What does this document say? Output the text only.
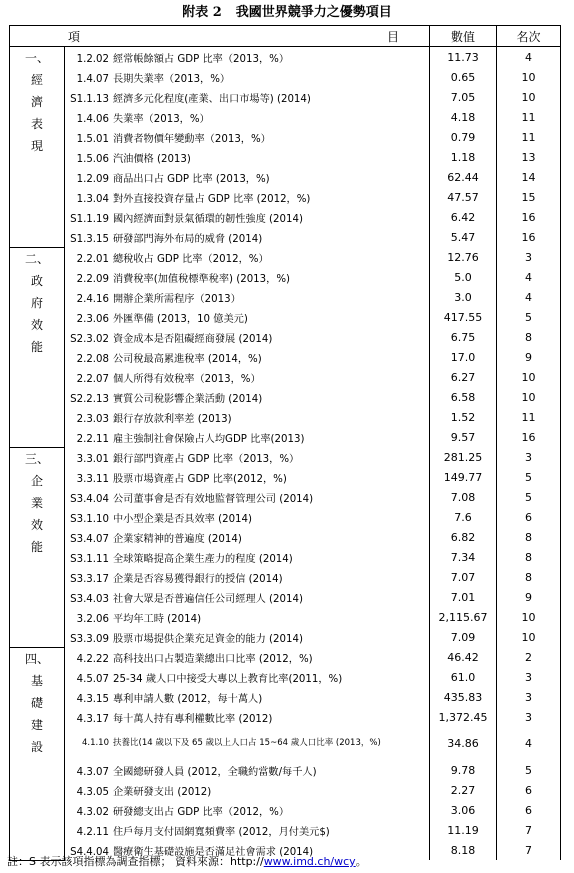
附表 2 我國世界競爭力之優勢項目
項 目		數值	名次

一、
經
濟
表
現	1.2.02 經常帳餘額占 GDP 比率（2013，%）	11.73	4
	1.4.07 長期失業率（2013，%）	0.65	10
	S1.1.13 經濟多元化程度(產業、出口市場等) (2014)	7.05	10
	1.4.06 失業率（2013，%）	4.18	11
	1.5.01 消費者物價年變動率（2013，%）	0.79	11
	1.5.06 汽油價格 (2013)	1.18	13
	1.2.09 商品出口占 GDP 比率 (2013，%)	62.44	14
	1.3.04 對外直接投資存量占 GDP 比率 (2012，%)	47.57	15
	S1.1.19 國內經濟面對景氣循環的韌性強度 (2014)	6.42	16
	S1.3.15 研發部門海外布局的威脅 (2014)	5.47	16

二、
政
府
效
能	2.2.01 總稅收占 GDP 比率（2012，%）	12.76	3
	2.2.09 消費稅率(加值稅標準稅率) (2013，%)	5.0	4
	2.4.16 開辦企業所需程序（2013）	3.0	4
	2.3.06 外匯準備 (2013，10 億美元)	417.55	5
	S2.3.02 資金成本是否阻礙經商發展 (2014)	6.75	8
	2.2.08 公司稅最高累進稅率 (2014，%)	17.0	9
	2.2.07 個人所得有效稅率（2013，%）	6.27	10
	S2.2.13 實質公司稅影響企業活動 (2014)	6.58	10
	2.3.03 銀行存放款利率差 (2013)	1.52	11
	2.2.11 雇主強制社會保險占人均GDP 比率(2013)	9.57	16

三、
企
業
效
能	3.3.01 銀行部門資產占 GDP 比率（2013，%）	281.25	3
	3.3.11 股票市場資產占 GDP 比率(2012，%)	149.77	5
	S3.4.04 公司董事會是否有效地監督管理公司 (2014)	7.08	5
	S3.1.10 中小型企業是否具效率 (2014)	7.6	6
	S3.4.07 企業家精神的普遍度 (2014)	6.82	8
	S3.1.11 全球策略提高企業生產力的程度 (2014)	7.34	8
	S3.3.17 企業是否容易獲得銀行的授信 (2014)	7.07	8
	S3.4.03 社會大眾是否普遍信任公司經理人 (2014)	7.01	9
	3.2.06 平均年工時 (2014)	2,115.67	10
	S3.3.09 股票市場提供企業充足資金的能力 (2014)	7.09	10

四、
基
礎
建
設	4.2.22 高科技出口占製造業總出口比率 (2012，%)	46.42	2
	4.5.07 25-34 歲人口中接受大專以上教育比率(2011，%)	61.0	3
	4.3.15 專利申請人數 (2012，每十萬人)	435.83	3
	4.3.17 每十萬人持有專利權數比率 (2012)	1,372.45	3
	4.1.10 扶養比(14 歲以下及 65 歲以上人口占 15~64 歲人口比率 (2013，%)	34.86	4
	4.3.07 全國總研發人員 (2012，全職約當數/每千人)	9.78	5
	4.3.05 企業研發支出 (2012)	2.27	6
	4.3.02 研發總支出占 GDP 比率（2012，%）	3.06	6
	4.2.11 住戶每月支付固網寬頻費率 (2012，月付美元$)	11.19	7
	S4.4.04 醫療衛生基礎設施是否滿足社會需求 (2014)	8.18	7
註：S 表示該項指標為調查指標； 資料來源：http://www.imd.ch/wcy。
